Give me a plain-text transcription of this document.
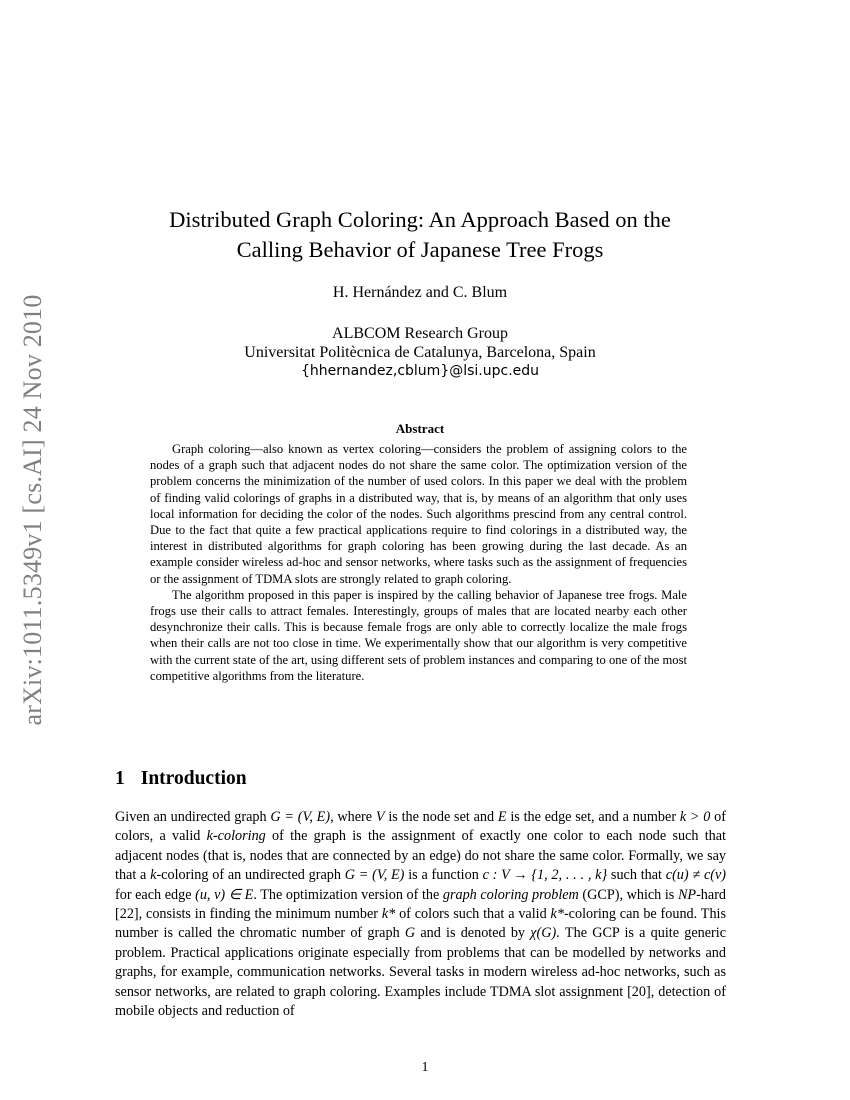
arXiv:1011.5349v1 [cs.AI] 24 Nov 2010
Distributed Graph Coloring: An Approach Based on the
Calling Behavior of Japanese Tree Frogs
H. Hernández and C. Blum
ALBCOM Research Group
Universitat Politècnica de Catalunya, Barcelona, Spain
{hhernandez,cblum}@lsi.upc.edu
Abstract

Graph coloring—also known as vertex coloring—considers the problem of assigning colors to the nodes of a graph such that adjacent nodes do not share the same color. The optimization version of the problem concerns the minimization of the number of used colors. In this paper we deal with the problem of finding valid colorings of graphs in a distributed way, that is, by means of an algorithm that only uses local information for deciding the color of the nodes. Such algorithms prescind from any central control. Due to the fact that quite a few practical applications require to find colorings in a distributed way, the interest in distributed algorithms for graph coloring has been growing during the last decade. As an example consider wireless ad-hoc and sensor networks, where tasks such as the assignment of frequencies or the assignment of TDMA slots are strongly related to graph coloring.

The algorithm proposed in this paper is inspired by the calling behavior of Japanese tree frogs. Male frogs use their calls to attract females. Interestingly, groups of males that are located nearby each other desynchronize their calls. This is because female frogs are only able to correctly localize the male frogs when their calls are not too close in time. We experimentally show that our algorithm is very competitive with the current state of the art, using different sets of problem instances and comparing to one of the most competitive algorithms from the literature.

1 Introduction

Given an undirected graph G = (V, E), where V is the node set and E is the edge set, and a number k > 0 of colors, a valid k-coloring of the graph is the assignment of exactly one color to each node such that adjacent nodes (that is, nodes that are connected by an edge) do not share the same color. Formally, we say that a k-coloring of an undirected graph G = (V, E) is a function c : V → {1, 2, . . . , k} such that c(u) ≠ c(v) for each edge (u, v) ∈ E. The optimization version of the graph coloring problem (GCP), which is NP-hard [22], consists in finding the minimum number k* of colors such that a valid k*-coloring can be found. This number is called the chromatic number of graph G and is denoted by χ(G). The GCP is a quite generic problem. Practical applications originate especially from problems that can be modelled by networks and graphs, for example, communication networks. Several tasks in modern wireless ad-hoc networks, such as sensor networks, are related to graph coloring. Examples include TDMA slot assignment [20], detection of mobile objects and reduction of

1
